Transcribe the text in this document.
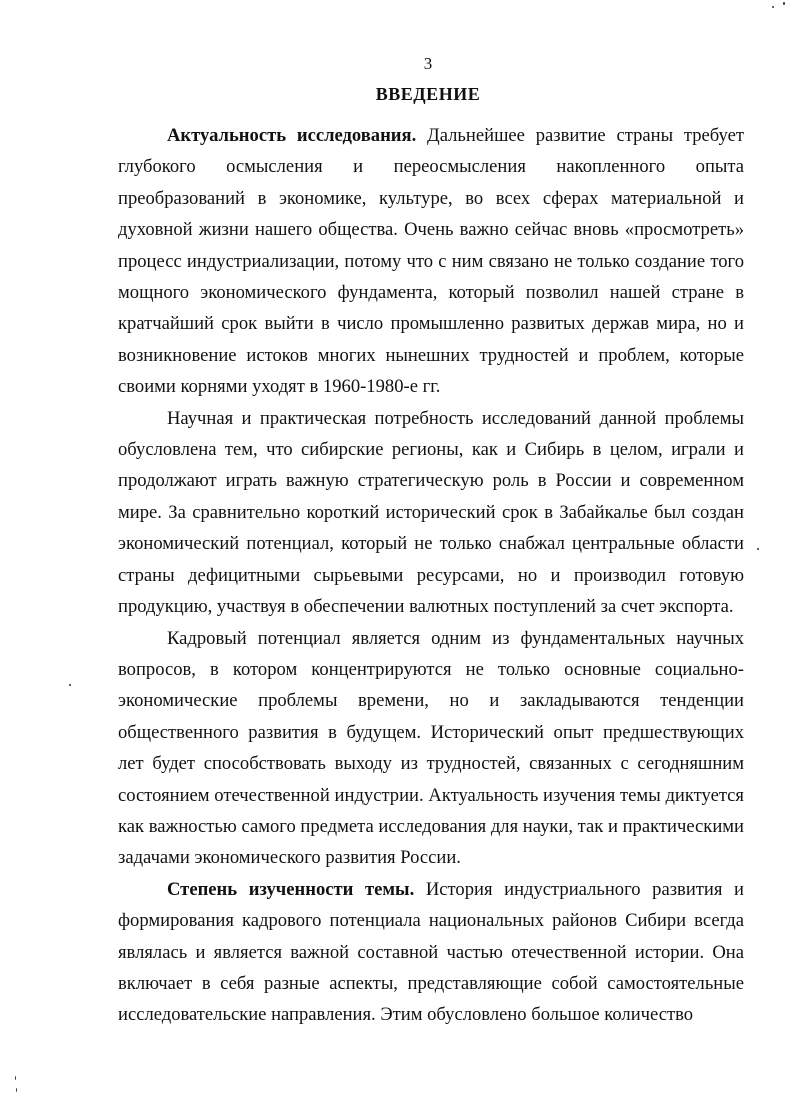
3
ВВЕДЕНИЕ

Актуальность исследования. Дальнейшее развитие страны требует глубокого осмысления и переосмысления накопленного опыта преобразований в экономике, культуре, во всех сферах материальной и духовной жизни нашего общества. Очень важно сейчас вновь «просмотреть» процесс индустриализации, потому что с ним связано не только создание того мощного экономического фундамента, который позволил нашей стране в кратчайший срок выйти в число промышленно развитых держав мира, но и возникновение истоков многих нынешних трудностей и проблем, которые своими корнями уходят в 1960-1980-е гг.

Научная и практическая потребность исследований данной проблемы обусловлена тем, что сибирские регионы, как и Сибирь в целом, играли и продолжают играть важную стратегическую роль в России и современном мире. За сравнительно короткий исторический срок в Забайкалье был создан экономический потенциал, который не только снабжал центральные области страны дефицитными сырьевыми ресурсами, но и производил готовую продукцию, участвуя в обеспечении валютных поступлений за счет экспорта.

Кадровый потенциал является одним из фундаментальных научных вопросов, в котором концентрируются не только основные социально-экономические проблемы времени, но и закладываются тенденции общественного развития в будущем. Исторический опыт предшествующих лет будет способствовать выходу из трудностей, связанных с сегодняшним состоянием отечественной индустрии. Актуальность изучения темы диктуется как важностью самого предмета исследования для науки, так и практическими задачами экономического развития России.

Степень изученности темы. История индустриального развития и формирования кадрового потенциала национальных районов Сибири всегда являлась и является важной составной частью отечественной истории. Она включает в себя разные аспекты, представляющие собой самостоятельные исследовательские направления. Этим обусловлено большое количество
